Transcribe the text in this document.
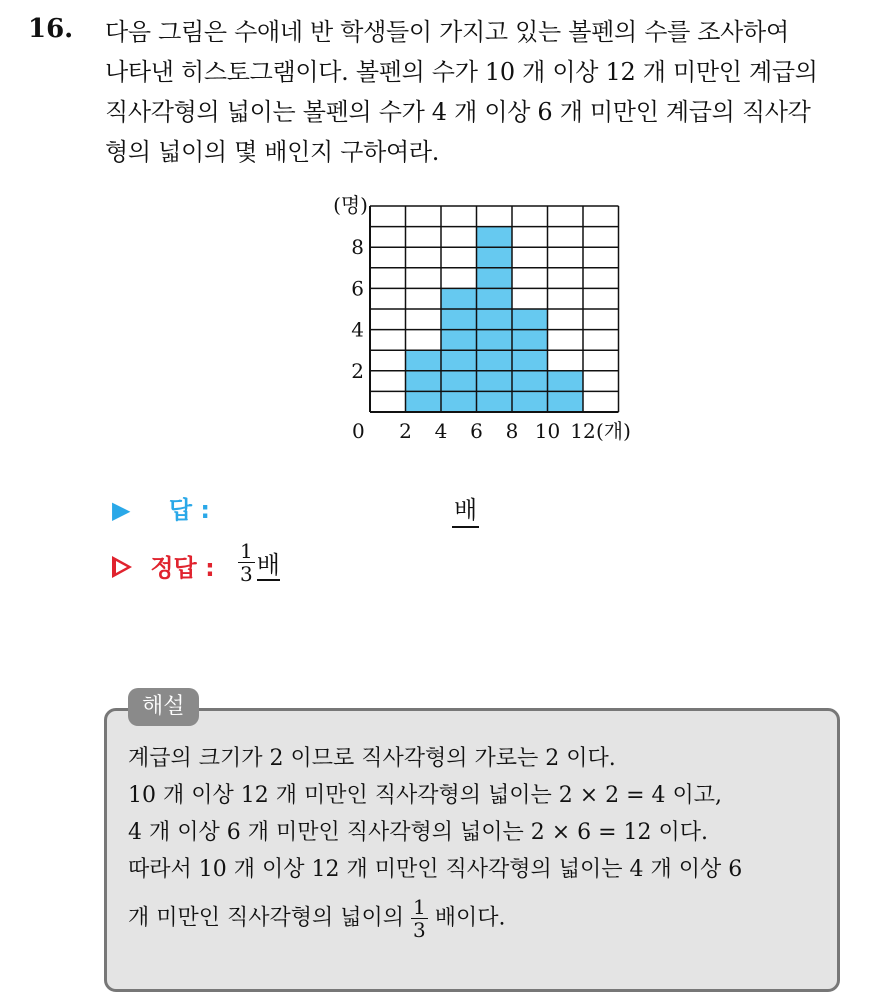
16. 다음 그림은 수애네 반 학생들이 가지고 있는 볼펜의 수를 조사하여
나타낸 히스토그램이다. 볼펜의 수가 10 개 이상 12 개 미만인 계급의
직사각형의 넓이는 볼펜의 수가 4 개 이상 6 개 미만인 계급의 직사각
형의 넓이의 몇 배인지 구하여라.
2
4
6
8
0 2 4 6 8 10 12
(명)
(개)
▶ 답 :	배
정답 : $\frac{1}{3}$ 배
해설
계급의 크기가 2 이므로 직사각형의 가로는 2 이다.
10 개 이상 12 개 미만인 직사각형의 넓이는 2 × 2 = 4 이고,
4 개 이상 6 개 미만인 직사각형의 넓이는 2 × 6 = 12 이다.
따라서 10 개 이상 12 개 미만인 직사각형의 넓이는 4 개 이상 6
개 미만인 직사각형의 넓이의 $\frac{1}{3}$ 배이다.
